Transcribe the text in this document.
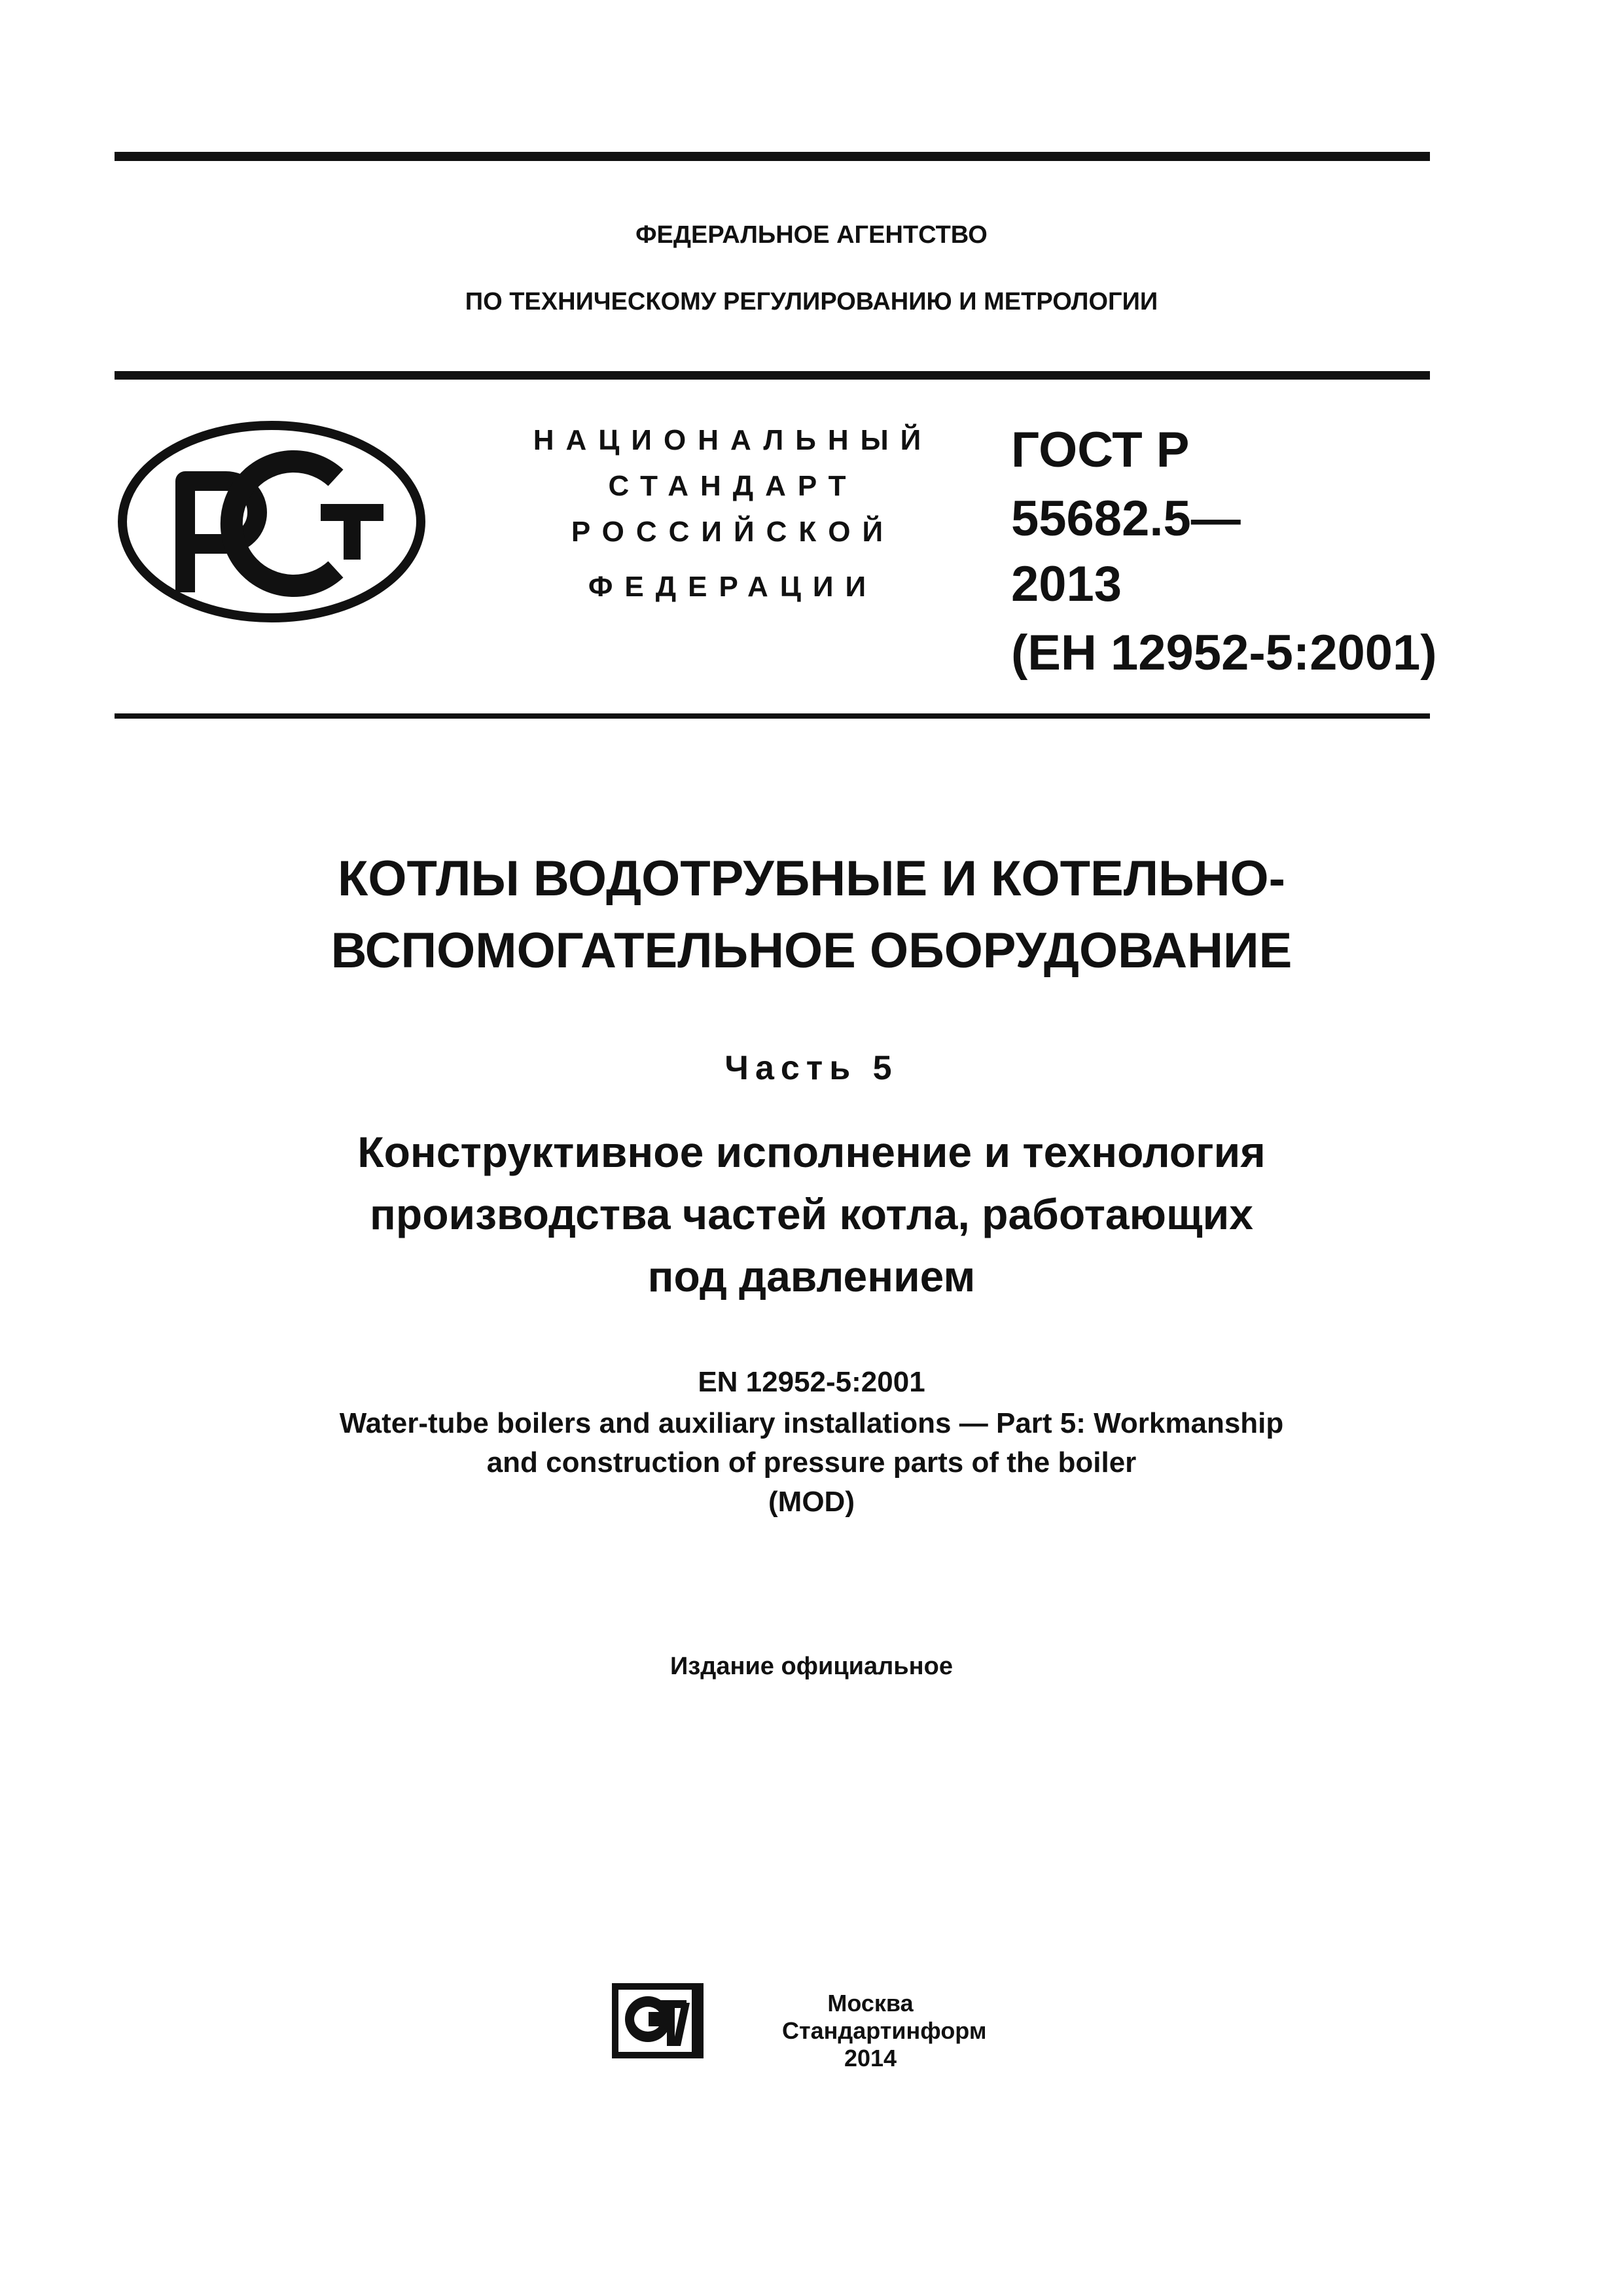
ФЕДЕРАЛЬНОЕ АГЕНТСТВО
ПО ТЕХНИЧЕСКОМУ РЕГУЛИРОВАНИЮ И МЕТРОЛОГИИ
НАЦИОНАЛЬНЫЙ
СТАНДАРТ
РОССИЙСКОЙ
ФЕДЕРАЦИИ
ГОСТ Р
55682.5—
2013
(ЕН 12952-5:2001)
КОТЛЫ ВОДОТРУБНЫЕ И КОТЕЛЬНО-
ВСПОМОГАТЕЛЬНОЕ ОБОРУДОВАНИЕ
Часть 5
Конструктивное исполнение и технология
производства частей котла, работающих
под давлением
EN 12952-5:2001
Water-tube boilers and auxiliary installations — Part 5: Workmanship
and construction of pressure parts of the boiler
(MOD)
Издание официальное
Москва
Стандартинформ
2014
